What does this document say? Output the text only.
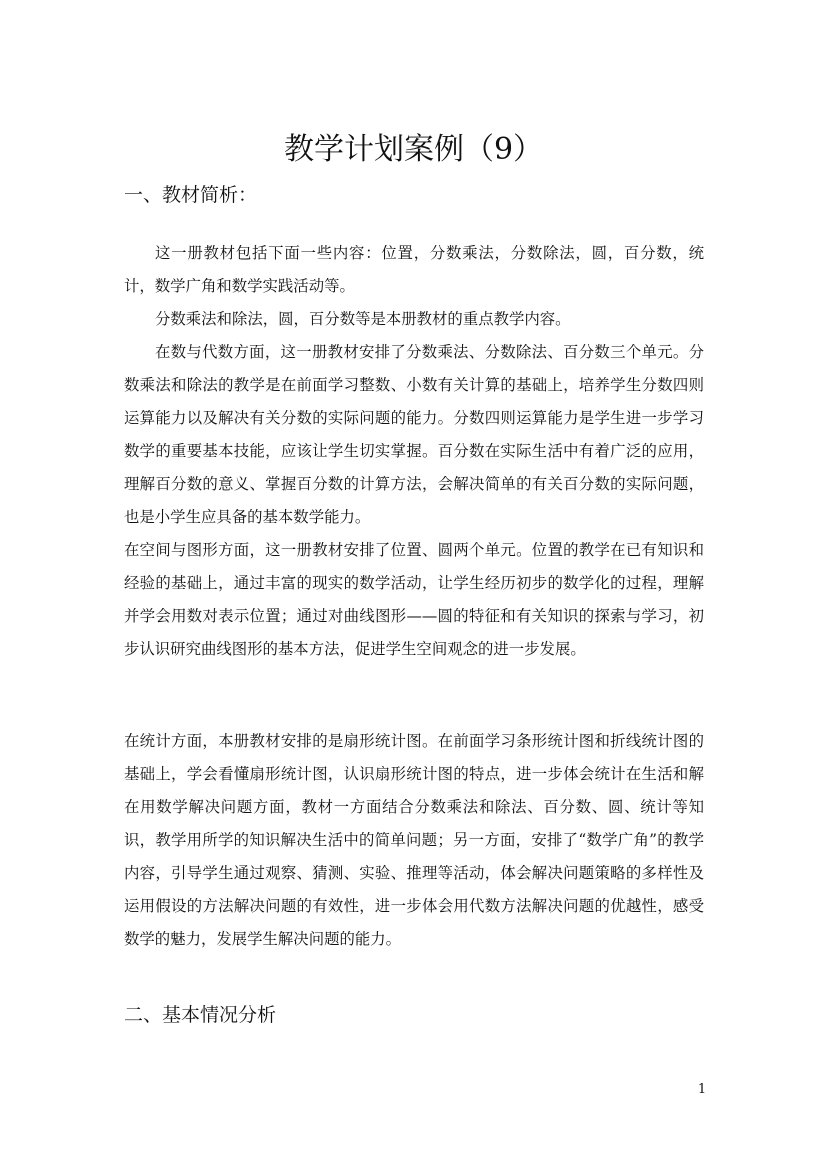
教学计划案例（9）
一、教材简析：

这一册教材包括下面一些内容：位置，分数乘法，分数除法，圆，百分数，统计，数学广角和数学实践活动等。

分数乘法和除法，圆，百分数等是本册教材的重点教学内容。

在数与代数方面，这一册教材安排了分数乘法、分数除法、百分数三个单元。分数乘法和除法的教学是在前面学习整数、小数有关计算的基础上，培养学生分数四则运算能力以及解决有关分数的实际问题的能力。分数四则运算能力是学生进一步学习数学的重要基本技能，应该让学生切实掌握。百分数在实际生活中有着广泛的应用，理解百分数的意义、掌握百分数的计算方法，会解决简单的有关百分数的实际问题，也是小学生应具备的基本数学能力。

在空间与图形方面，这一册教材安排了位置、圆两个单元。位置的教学在已有知识和经验的基础上，通过丰富的现实的数学活动，让学生经历初步的数学化的过程，理解并学会用数对表示位置；通过对曲线图形——圆的特征和有关知识的探索与学习，初步认识研究曲线图形的基本方法，促进学生空间观念的进一步发展。

在统计方面，本册教材安排的是扇形统计图。在前面学习条形统计图和折线统计图的基础上，学会看懂扇形统计图，认识扇形统计图的特点，进一步体会统计在生活和解在用数学解决问题方面，教材一方面结合分数乘法和除法、百分数、圆、统计等知识，教学用所学的知识解决生活中的简单问题；另一方面，安排了“数学广角”的教学内容，引导学生通过观察、猜测、实验、推理等活动，体会解决问题策略的多样性及运用假设的方法解决问题的有效性，进一步体会用代数方法解决问题的优越性，感受数学的魅力，发展学生解决问题的能力。

二、基本情况分析
1
